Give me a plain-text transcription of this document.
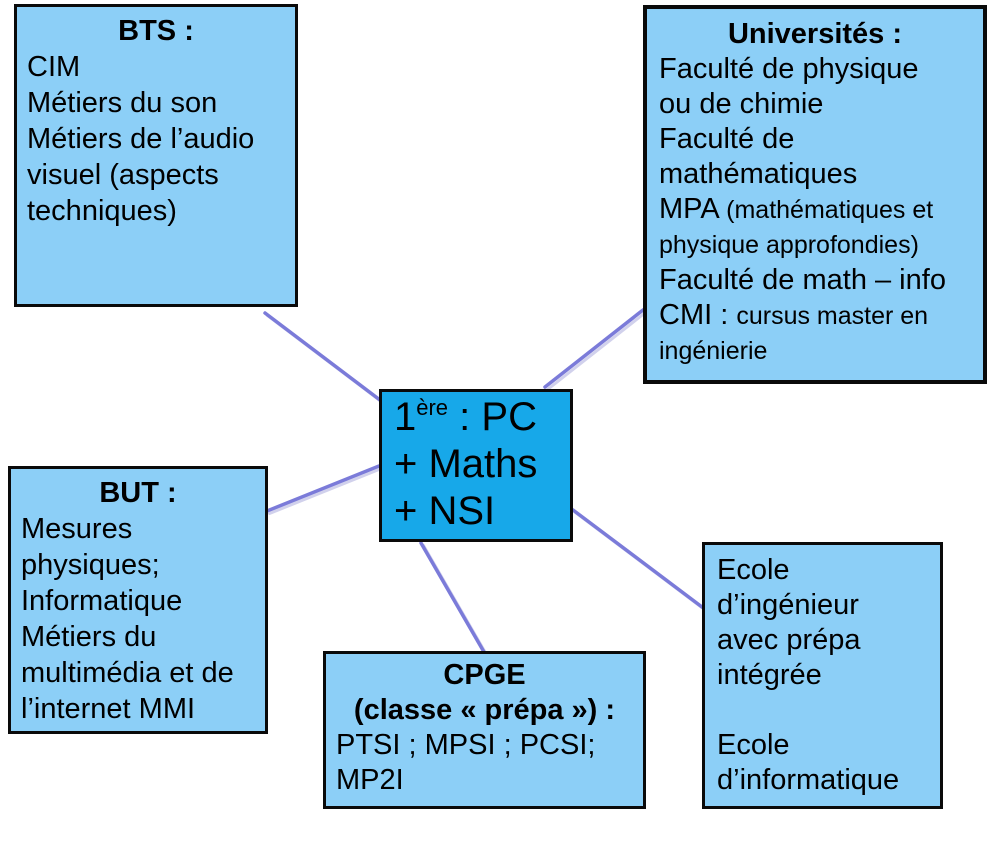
BTS :
CIM
Métiers du son
Métiers de l’audio
visuel (aspects
techniques)
Universités :
Faculté de physique
ou de chimie
Faculté de
mathématiques
MPA (mathématiques et
physique approfondies)
Faculté de math – info
CMI : cursus master en
ingénierie
1ère : PC
+ Maths
+ NSI
BUT :
Mesures
physiques;
Informatique
Métiers du
multimédia et de
l’internet MMI
CPGE
(classe « prépa ») :
PTSI ; MPSI ; PCSI;
MP2I
Ecole
d’ingénieur
avec prépa
intégrée
Ecole
d’informatique
